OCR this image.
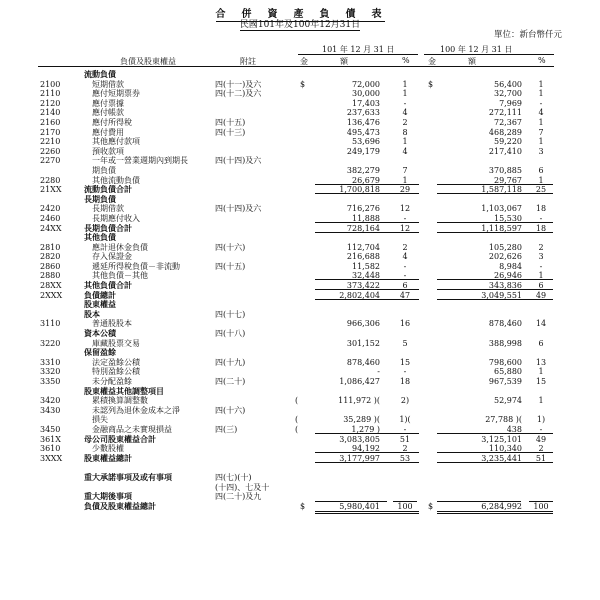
合　併　資　產　負　債　表
民國101年及100年12月31日
單位：新台幣仟元
101 年 12 月 31 日	100 年 12 月 31 日
負債及股東權益	附註	金　　　　額	% 金　　　　額	%
流動負債
2100	短期借款	四(十一)及六	$	72,000	1	$	56,400	1
2110	應付短期票券	四(十二)及六	30,000	1	32,700	1
2120	應付票據	17,403	-	7,969	-
2140	應付帳款	237,633	4	272,111	4
2160	應付所得稅	四(十五)	136,476	2	72,367	1
2170	應付費用	四(十三)	495,473	8	468,289	7
2210	其他應付款項	53,696	1	59,220	1
2260	預收款項	249,179	4	217,410	3
2270	一年或一營業週期內到期長	四(十四)及六
期負債	382,279	7	370,885	6
2280	其他流動負債	26,679	1	29,767	1
21XX	流動負債合計	1,700,818	29	1,587,118	25
長期負債
2420	長期借款	四(十四)及六	716,276	12	1,103,067	18
2460	長期應付收入	11,888	-	15,530	-
24XX	長期負債合計	728,164	12	1,118,597	18
其他負債
2810	應計退休金負債	四(十六)	112,704	2	105,280	2
2820	存入保證金	216,688	4	202,626	3
2860	遞延所得稅負債－非流動	四(十五)	11,582	-	8,984	-
2880	其他負債－其他	32,448	-	26,946	1
28XX	其他負債合計	373,422	6	343,836	6
2XXX	負債總計	2,802,404	47	3,049,551	49
股東權益
股本	四(十七)
3110	普通股股本	966,306	16	878,460	14
資本公積	四(十八)
3220	庫藏股票交易	301,152	5	388,998	6
保留盈餘
3310	法定盈餘公積	四(十九)	878,460	15	798,600	13
3320	特別盈餘公積	-	-	65,880	1
3350	未分配盈餘	四(二十)	1,086,427	18	967,539	15
股東權益其他調整項目
3420	累積換算調整數	(	111,972 )(	2)	52,974	1
3430	未認列為退休金成本之淨	四(十六)
損失	(	35,289 )(	1)(	27,788 )(	1)
3450	金融商品之未實現損益	四(三)	(	1,279 )	-	438	-
361X	母公司股東權益合計	3,083,805	51	3,125,101	49
3610	少數股權	94,192	2	110,340	2
3XXX	股東權益總計	3,177,997	53	3,235,441	51
重大承諾事項及或有事項	四(七)(十)
(十四)、七及十
重大期後事項	四(二十)及九
負債及股東權益總計	$	5,980,401	100	$	6,284,992	100
